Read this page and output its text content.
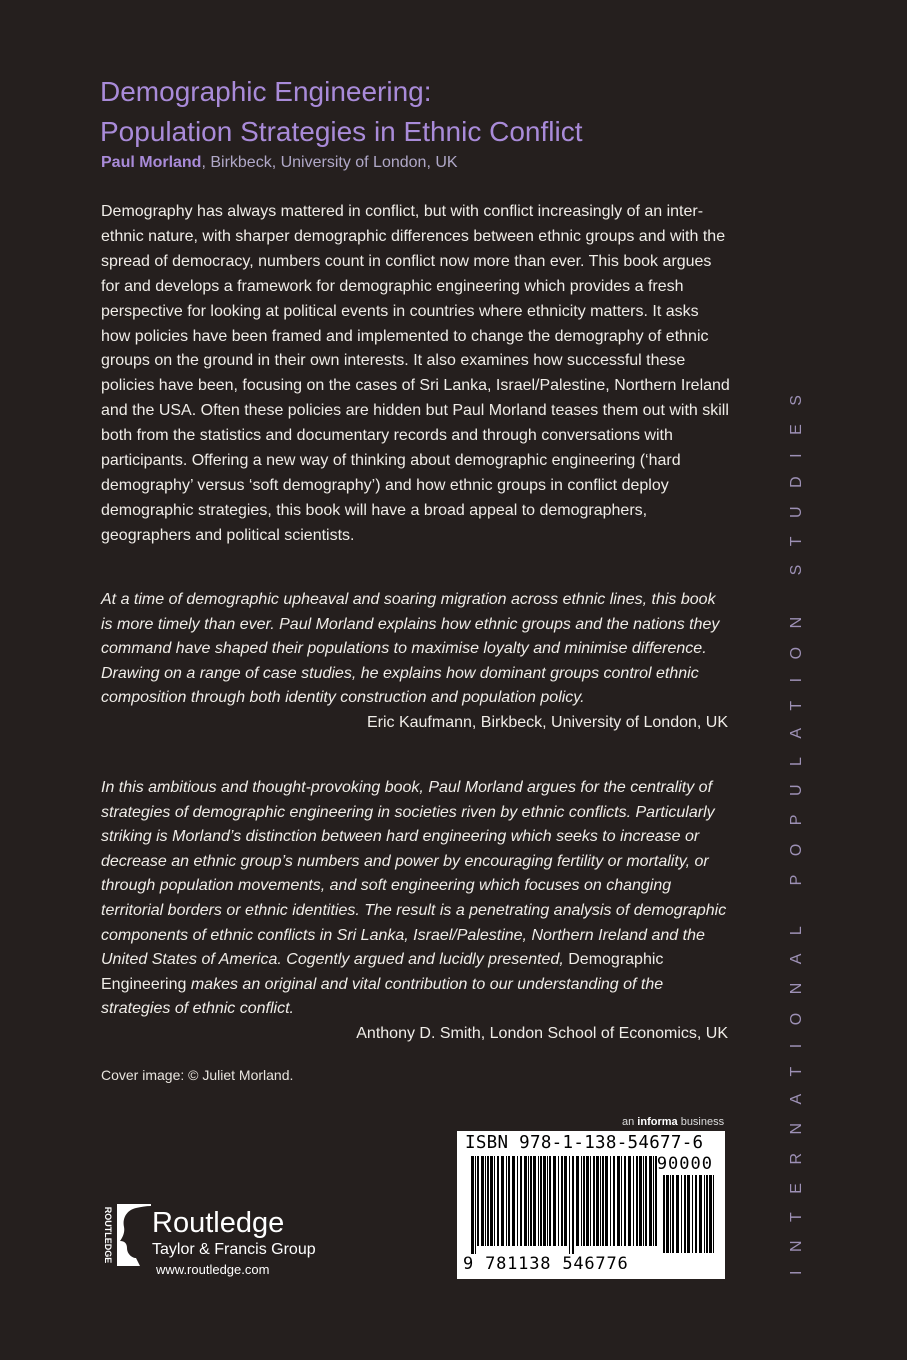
Demographic Engineering:
Population Strategies in Ethnic Conflict
Paul Morland, Birkbeck, University of London, UK

Demography has always mattered in conflict, but with conflict increasingly of an inter-ethnic nature, with sharper demographic differences between ethnic groups and with the spread of democracy, numbers count in conflict now more than ever. This book argues for and develops a framework for demographic engineering which provides a fresh perspective for looking at political events in countries where ethnicity matters. It asks how policies have been framed and implemented to change the demography of ethnic groups on the ground in their own interests. It also examines how successful these policies have been, focusing on the cases of Sri Lanka, Israel/Palestine, Northern Ireland and the USA. Often these policies are hidden but Paul Morland teases them out with skill both from the statistics and documentary records and through conversations with participants. Offering a new way of thinking about demographic engineering (‘hard demography’ versus ‘soft demography’) and how ethnic groups in conflict deploy demographic strategies, this book will have a broad appeal to demographers, geographers and political scientists.

At a time of demographic upheaval and soaring migration across ethnic lines, this book is more timely than ever. Paul Morland explains how ethnic groups and the nations they command have shaped their populations to maximise loyalty and minimise difference. Drawing on a range of case studies, he explains how dominant groups control ethnic composition through both identity construction and population policy.
Eric Kaufmann, Birkbeck, University of London, UK
In this ambitious and thought-provoking book, Paul Morland argues for the centrality of strategies of demographic engineering in societies riven by ethnic conflicts. Particularly striking is Morland’s distinction between hard engineering which seeks to increase or decrease an ethnic group’s numbers and power by encouraging fertility or mortality, or through population movements, and soft engineering which focuses on changing territorial borders or ethnic identities. The result is a penetrating analysis of demographic components of ethnic conflicts in Sri Lanka, Israel/Palestine, Northern Ireland and the United States of America. Cogently argued and lucidly presented, Demographic Engineering makes an original and vital contribution to our understanding of the strategies of ethnic conflict.
Anthony D. Smith, London School of Economics, UK
Cover image: © Juliet Morland.	INTERNATIONAL POPULATION STUDIES
an informa business
ISBN 978-1-138-54677-6
90000
9 781138 546776
ROUTLEDGE Routledge
Taylor & Francis Group
www.routledge.com
